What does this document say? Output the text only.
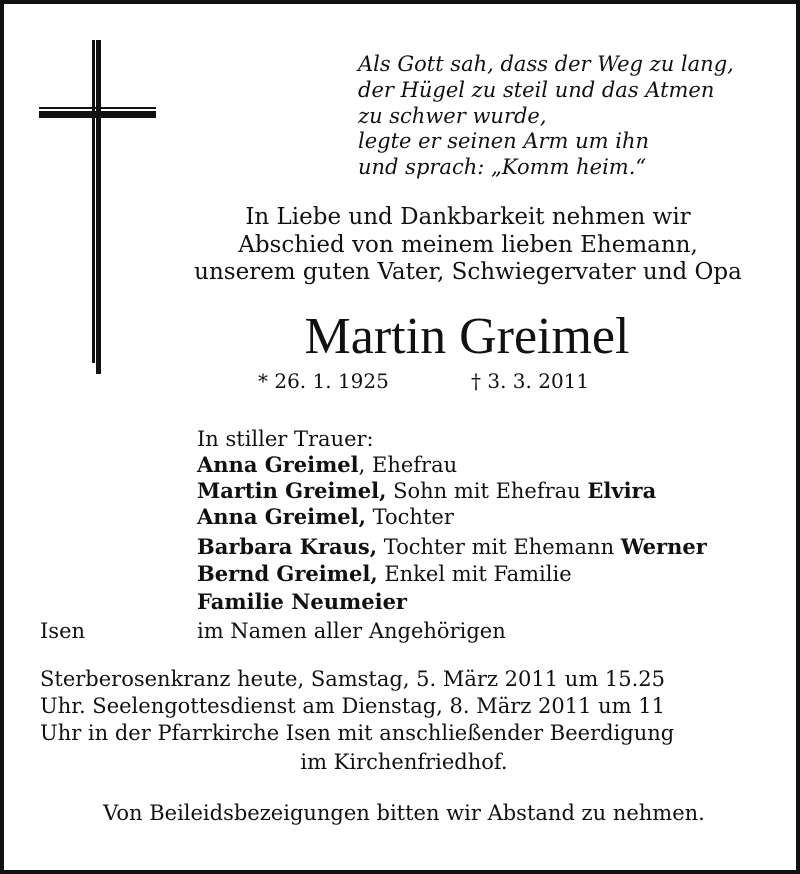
Als Gott sah, dass der Weg zu lang,
der Hügel zu steil und das Atmen
zu schwer wurde,
legte er seinen Arm um ihn
und sprach: „Komm heim.“
In Liebe und Dankbarkeit nehmen wir
Abschied von meinem lieben Ehemann,
unserem guten Vater, Schwiegervater und Opa
Martin Greimel
* 26. 1. 1925	† 3. 3. 2011
In stiller Trauer:
Anna Greimel, Ehefrau
Martin Greimel, Sohn mit Ehefrau Elvira
Anna Greimel, Tochter
Barbara Kraus, Tochter mit Ehemann Werner
Bernd Greimel, Enkel mit Familie
Familie Neumeier
Isen	im Namen aller Angehörigen
Sterberosenkranz heute, Samstag, 5. März 2011 um 15.25
Uhr. Seelengottesdienst am Dienstag, 8. März 2011 um 11
Uhr in der Pfarrkirche Isen mit anschließender Beerdigung
im Kirchenfriedhof.
Von Beileidsbezeigungen bitten wir Abstand zu nehmen.
